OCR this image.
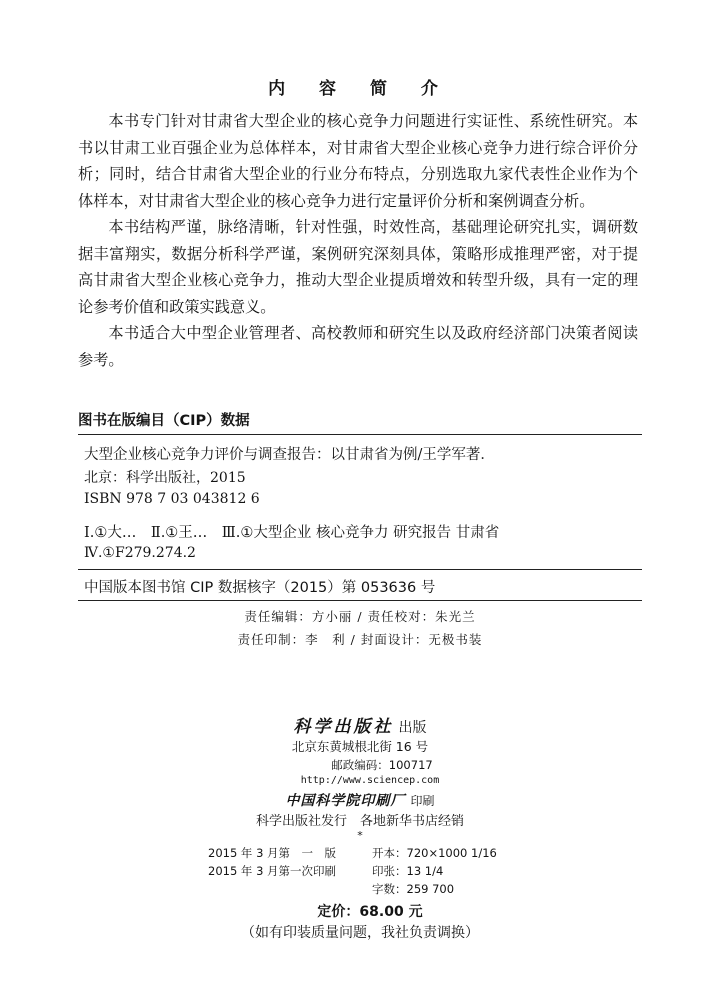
内 容 简 介

本书专门针对甘肃省大型企业的核心竞争力问题进行实证性、系统性研究。本书以甘肃工业百强企业为总体样本，对甘肃省大型企业核心竞争力进行综合评价分析；同时，结合甘肃省大型企业的行业分布特点，分别选取九家代表性企业作为个体样本，对甘肃省大型企业的核心竞争力进行定量评价分析和案例调查分析。

本书结构严谨，脉络清晰，针对性强，时效性高，基础理论研究扎实，调研数据丰富翔实，数据分析科学严谨，案例研究深刻具体，策略形成推理严密，对于提高甘肃省大型企业核心竞争力，推动大型企业提质增效和转型升级，具有一定的理论参考价值和政策实践意义。

本书适合大中型企业管理者、高校教师和研究生以及政府经济部门决策者阅读参考。

图书在版编目（CIP）数据
大型企业核心竞争力评价与调查报告：以甘肃省为例/王学军著．
北京：科学出版社，2015
ISBN 978 7 03 043812 6
Ⅰ.①大…　Ⅱ.①王…　Ⅲ.①大型企业 核心竞争力 研究报告 甘肃省
Ⅳ.①F279.274.2
中国版本图书馆 CIP 数据核字（2015）第 053636 号
责任编辑：方小丽 / 责任校对：朱光兰
责任印制：李　利 / 封面设计：无极书装
科学出版社 出版
北京东黄城根北街 16 号
邮政编码：100717
http://www.sciencep.com
中国科学院印刷厂 印刷
科学出版社发行　各地新华书店经销
*
2015 年 3 月第　一　版	开本：720×1000 1/16
2015 年 3 月第一次印刷	印张：13 1/4
字数：259 700
定价：68.00 元
（如有印装质量问题，我社负责调换）
